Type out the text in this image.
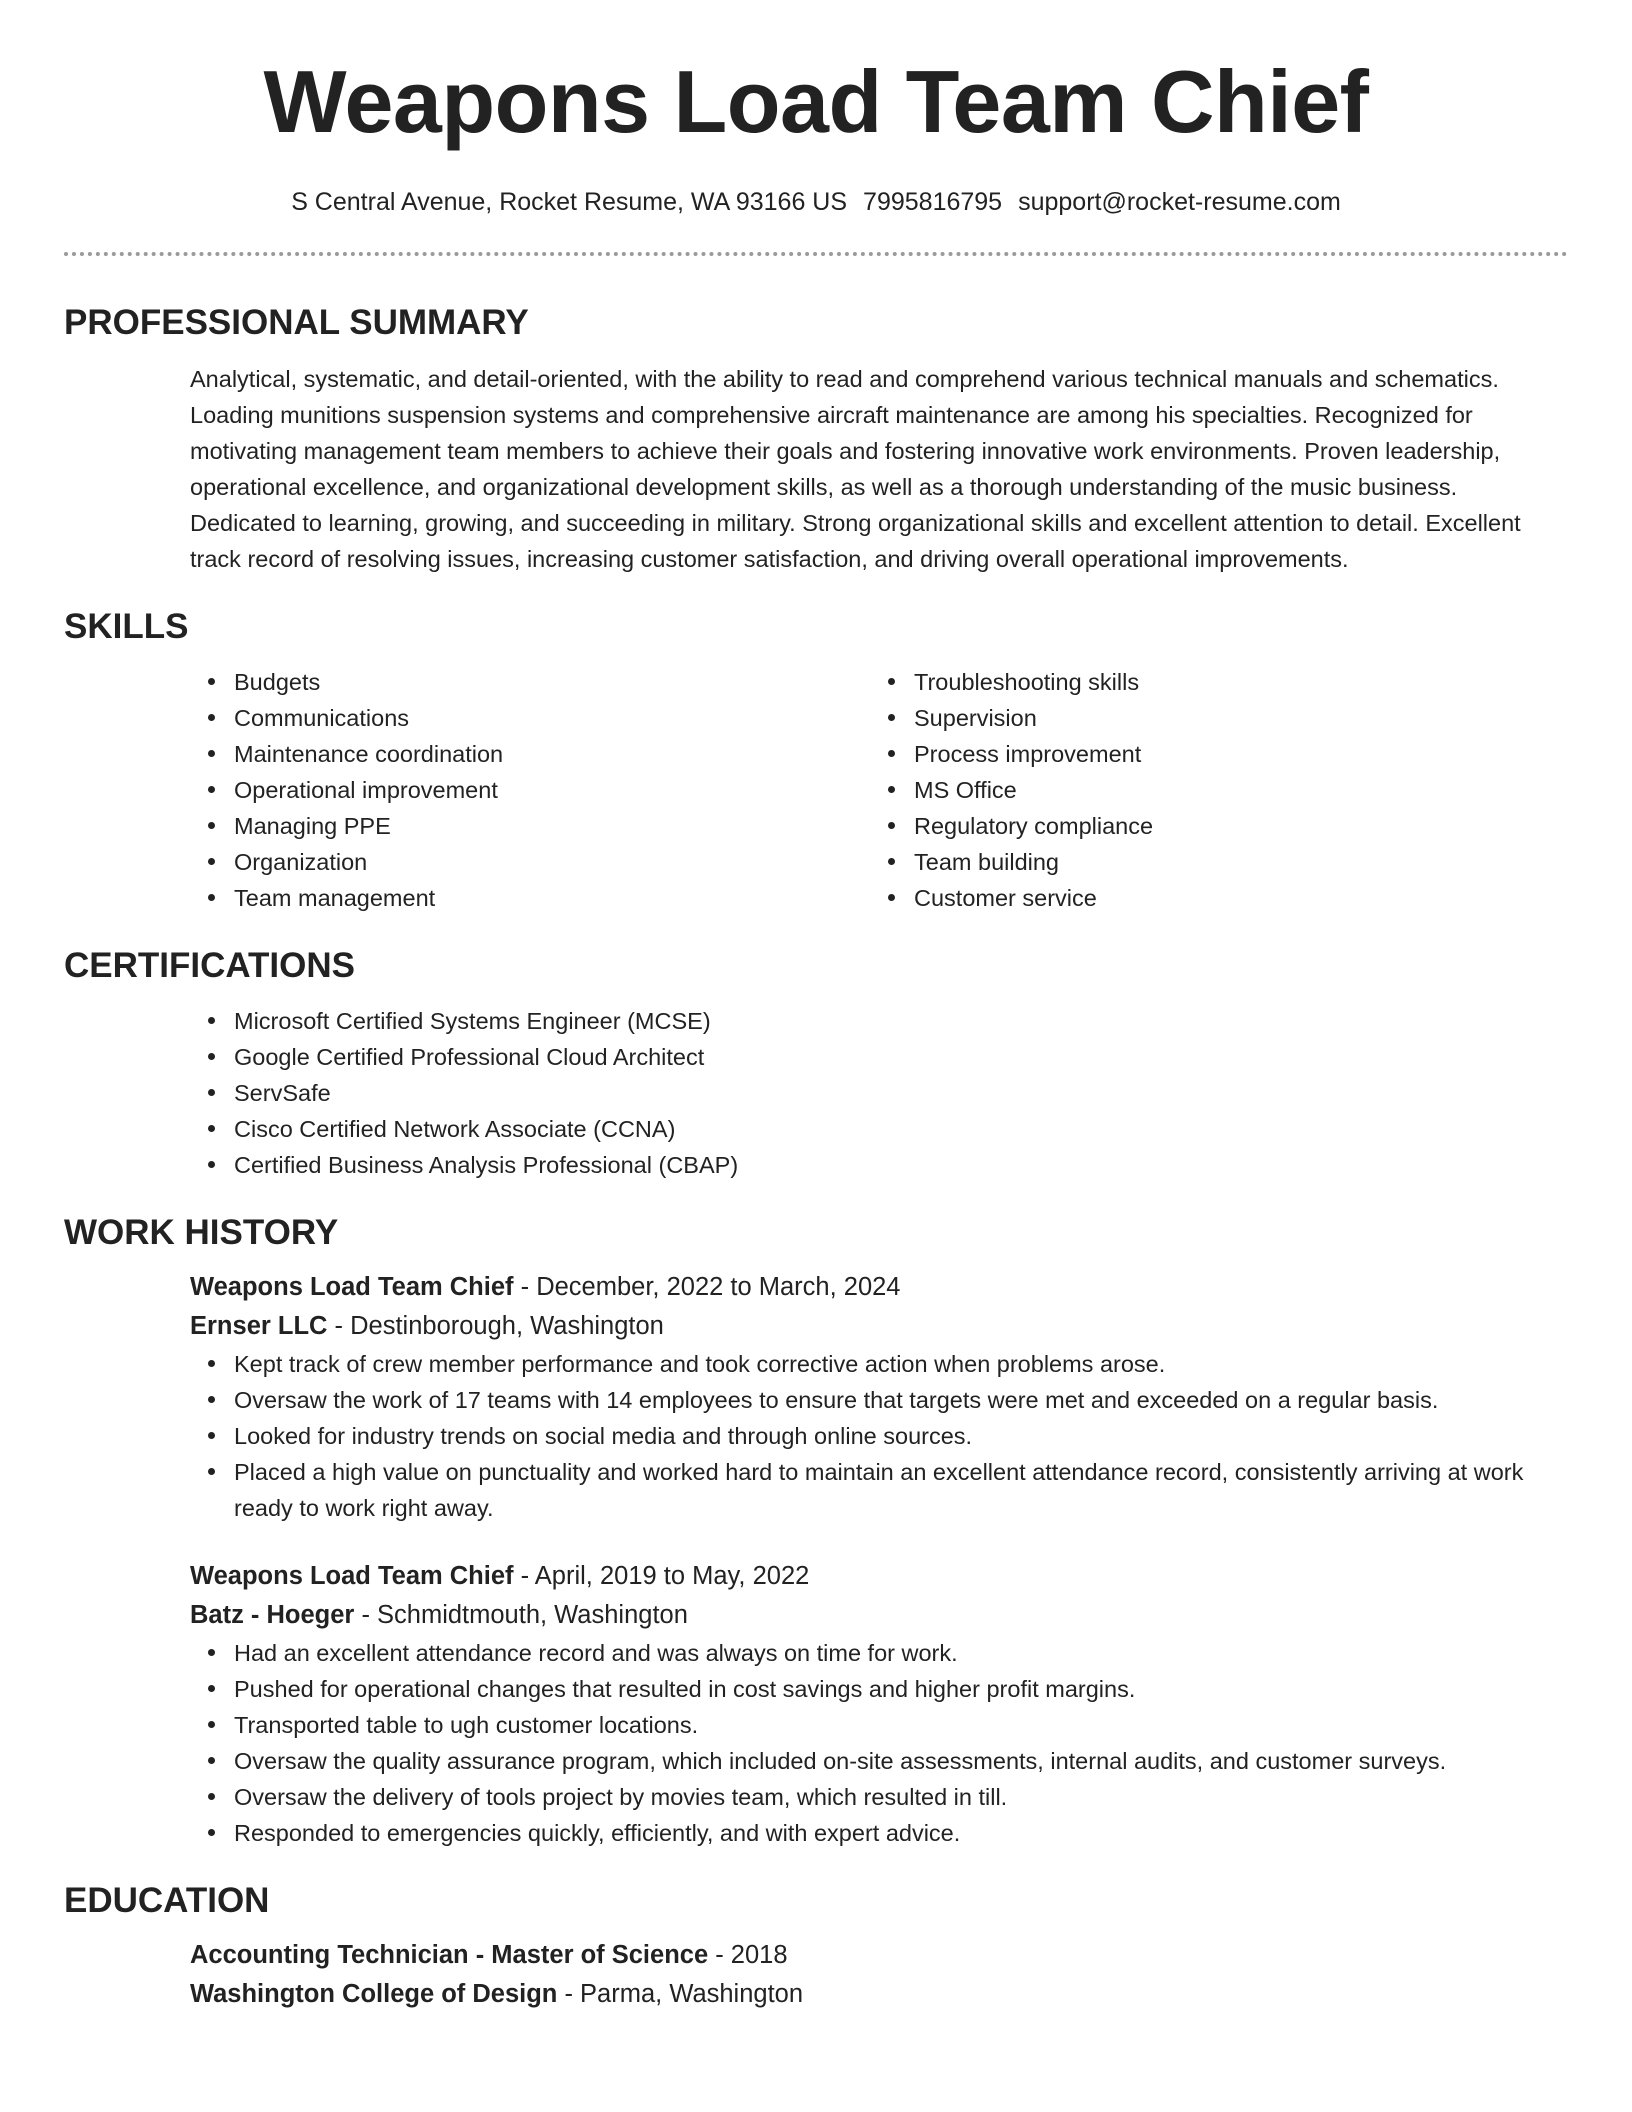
Weapons Load Team Chief
S Central Avenue, Rocket Resume, WA 93166 US 7995816795 support@rocket-resume.com
PROFESSIONAL SUMMARY

Analytical, systematic, and detail-oriented, with the ability to read and comprehend various technical manuals and schematics. Loading munitions suspension systems and comprehensive aircraft maintenance are among his specialties. Recognized for motivating management team members to achieve their goals and fostering innovative work environments. Proven leadership, operational excellence, and organizational development skills, as well as a thorough understanding of the music business. Dedicated to learning, growing, and succeeding in military. Strong organizational skills and excellent attention to detail. Excellent track record of resolving issues, increasing customer satisfaction, and driving overall operational improvements.

SKILLS
Budgets
Communications
Maintenance coordination
Operational improvement
Managing PPE
Organization
Team management
Troubleshooting skills
Supervision
Process improvement
MS Office
Regulatory compliance
Team building
Customer service
CERTIFICATIONS
Microsoft Certified Systems Engineer (MCSE)
Google Certified Professional Cloud Architect
ServSafe
Cisco Certified Network Associate (CCNA)
Certified Business Analysis Professional (CBAP)
WORK HISTORY
Weapons Load Team Chief - December, 2022 to March, 2024
Ernser LLC - Destinborough, Washington
Kept track of crew member performance and took corrective action when problems arose.
Oversaw the work of 17 teams with 14 employees to ensure that targets were met and exceeded on a regular basis.
Looked for industry trends on social media and through online sources.
Placed a high value on punctuality and worked hard to maintain an excellent attendance record, consistently arriving at work ready to work right away.
Weapons Load Team Chief - April, 2019 to May, 2022
Batz - Hoeger - Schmidtmouth, Washington
Had an excellent attendance record and was always on time for work.
Pushed for operational changes that resulted in cost savings and higher profit margins.
Transported table to ugh customer locations.
Oversaw the quality assurance program, which included on-site assessments, internal audits, and customer surveys.
Oversaw the delivery of tools project by movies team, which resulted in till.
Responded to emergencies quickly, efficiently, and with expert advice.
EDUCATION
Accounting Technician - Master of Science - 2018
Washington College of Design - Parma, Washington
